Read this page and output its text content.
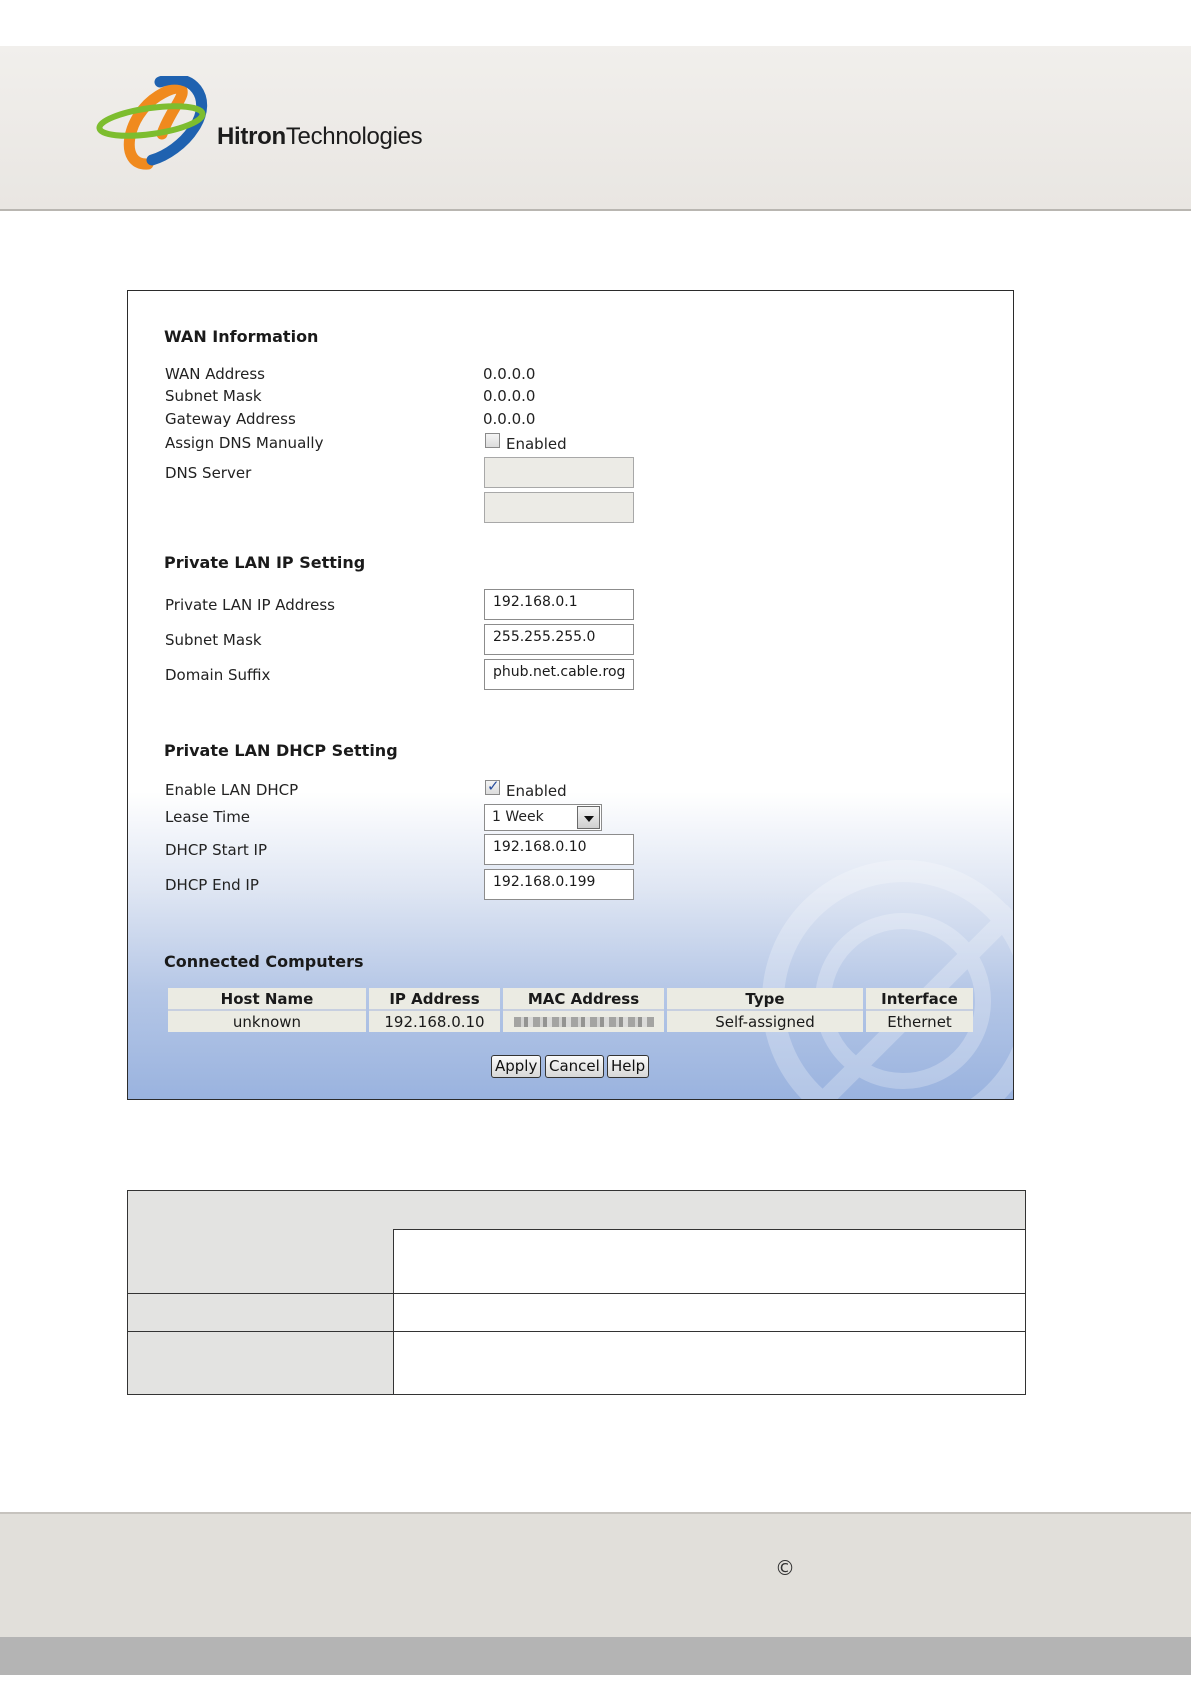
HitronTechnologies
WAN Information
WAN Address	0.0.0.0
Subnet Mask	0.0.0.0
Gateway Address	0.0.0.0
Assign DNS Manually	Enabled
DNS Server
Private LAN IP Setting
Private LAN IP Address	192.168.0.1
Subnet Mask	255.255.255.0
Domain Suffix	phub.net.cable.rog
Private LAN DHCP Setting
Enable LAN DHCP ✓	Enabled
Lease Time	1 Week
DHCP Start IP	192.168.0.10
DHCP End IP	192.168.0.199
Connected Computers
Host Name	IP Address	MAC Address	Type	Interface
unknown	192.168.0.10		Self-assigned	Ethernet
Apply Cancel Help
©
